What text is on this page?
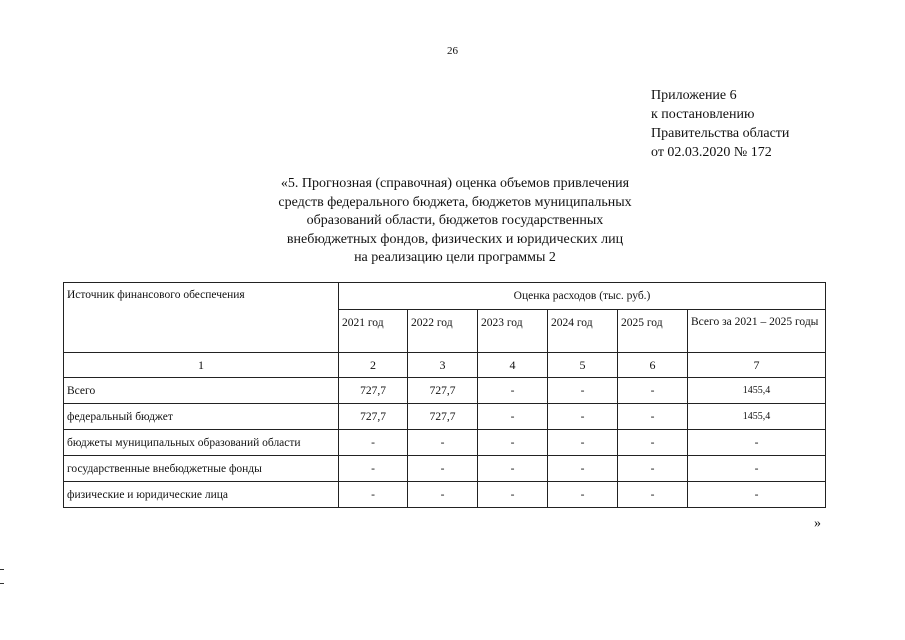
26
Приложение 6
к постановлению
Правительства области
от 02.03.2020 № 172
«5. Прогнозная (справочная) оценка объемов привлечения
средств федерального бюджета, бюджетов муниципальных
образований области, бюджетов государственных
внебюджетных фондов, физических и юридических лиц
на реализацию цели программы 2
Источник финансового обеспечения	Оценка расходов (тыс. руб.)					
	2021 год	2022 год	2023 год	2024 год	2025 год	Всего за 2021 – 2025 годы
1	2	3	4	5	6	7
Всего	727,7	727,7	-	-	-	1455,4
федеральный бюджет	727,7	727,7	-	-	-	1455,4
бюджеты муниципальных образований области	-	-	-	-	-	-
государственные внебюджетные фонды	-	-	-	-	-	-
физические и юридические лица	-	-	-	-	-	-
»
